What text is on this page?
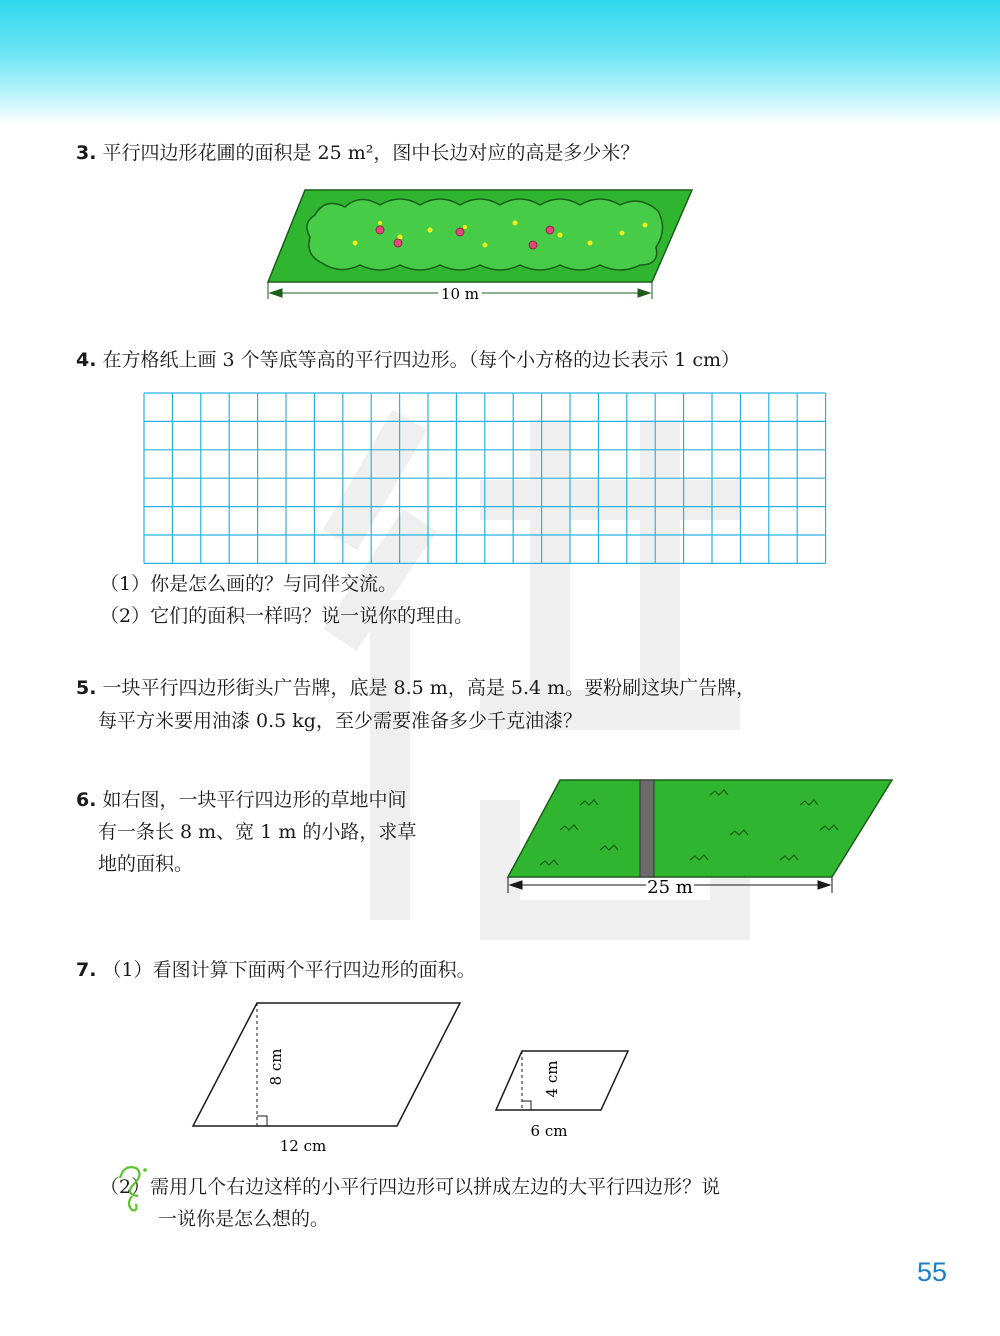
3. 平行四边形花圃的面积是 25 m²，图中长边对应的高是多少米？
10 m
4. 在方格纸上画 3 个等底等高的平行四边形。（每个小方格的边长表示 1 cm）
（1）你是怎么画的？与同伴交流。
（2）它们的面积一样吗？说一说你的理由。
5. 一块平行四边形街头广告牌，底是 8.5 m，高是 5.4 m。要粉刷这块广告牌，
每平方米要用油漆 0.5 kg，至少需要准备多少千克油漆？
6. 如右图，一块平行四边形的草地中间
有一条长 8 m、宽 1 m 的小路，求草
地的面积。
25 m
7. （1）看图计算下面两个平行四边形的面积。
8 cm
12 cm
4 cm
6 cm
（2）需用几个右边这样的小平行四边形可以拼成左边的大平行四边形？说
一说你是怎么想的。
55
